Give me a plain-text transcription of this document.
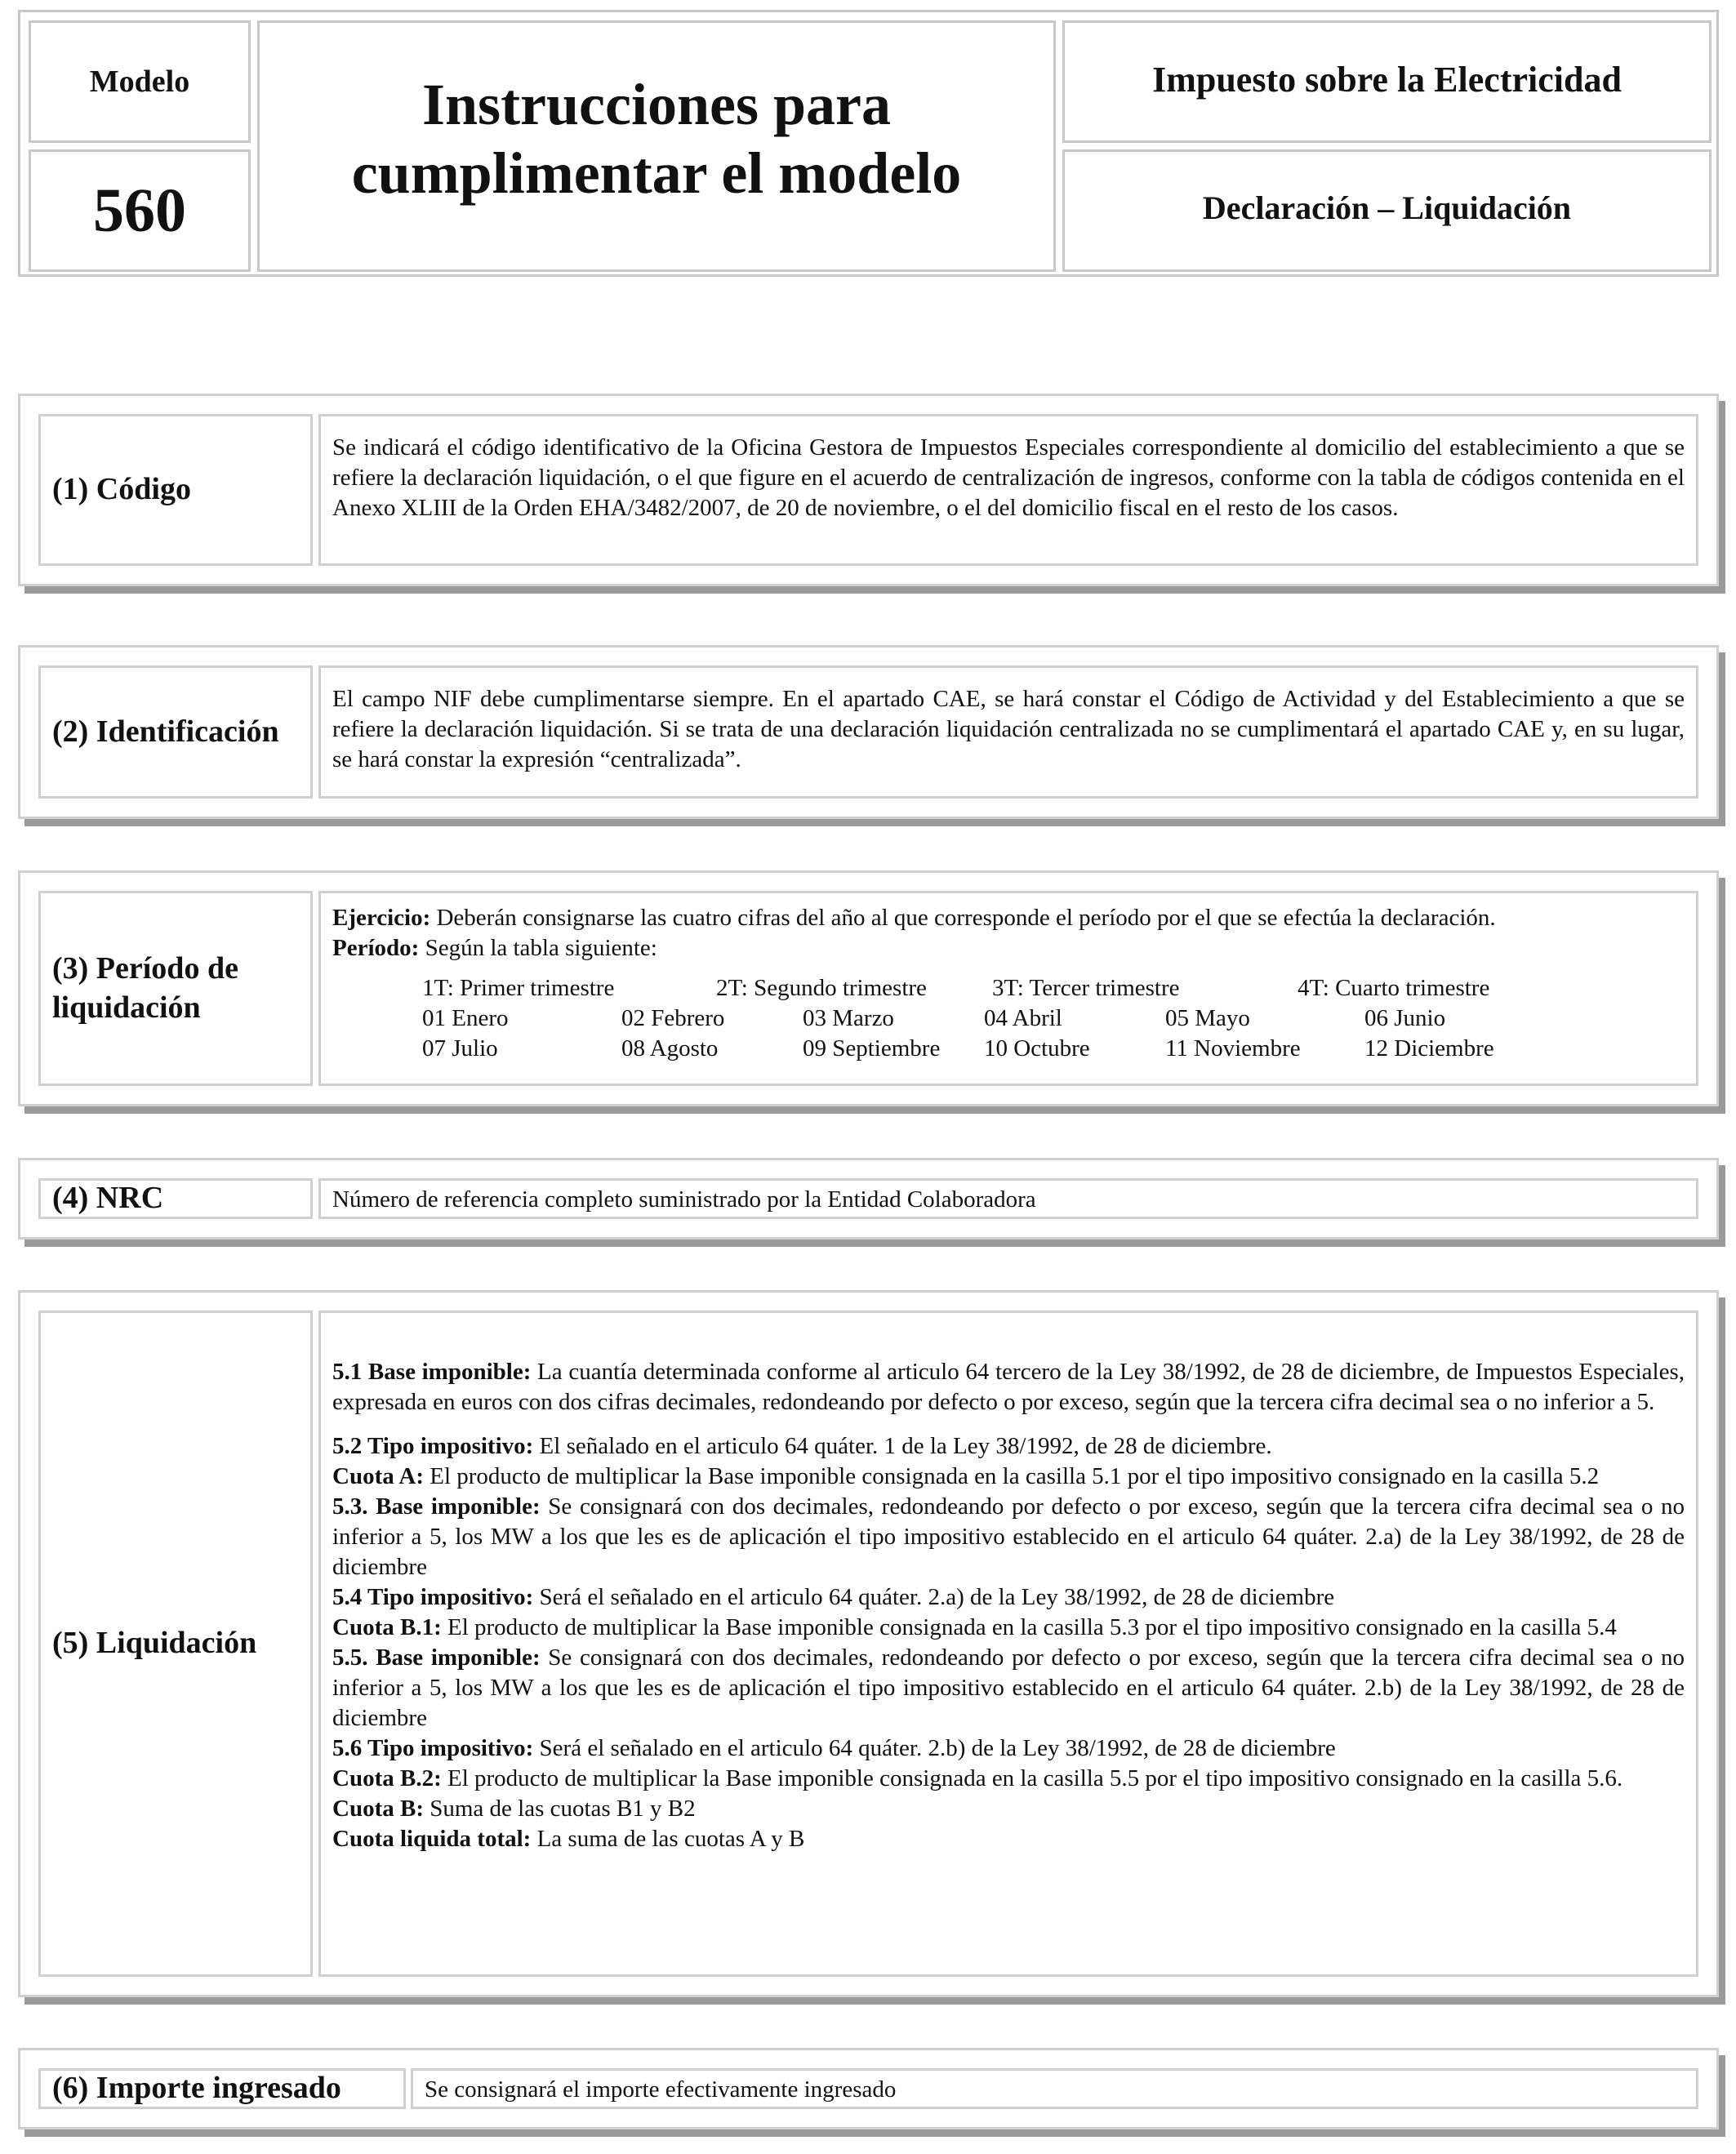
Modelo
560
Instrucciones para
cumplimentar el modelo
Impuesto sobre la Electricidad
Declaración – Liquidación
(1) Código
Se indicará el código identificativo de la Oficina Gestora de Impuestos Especiales correspondiente al domicilio del establecimiento a que se refiere la declaración liquidación, o el que figure en el acuerdo de centralización de ingresos, conforme con la tabla de códigos contenida en el Anexo XLIII de la Orden EHA/3482/2007, de 20 de noviembre, o el del domicilio fiscal en el resto de los casos.
(2) Identificación
El campo NIF debe cumplimentarse siempre. En el apartado CAE, se hará constar el Código de Actividad y del Establecimiento a que se refiere la declaración liquidación. Si se trata de una declaración liquidación centralizada no se cumplimentará el apartado CAE y, en su lugar, se hará constar la expresión “centralizada”.
(3) Período de
liquidación

Ejercicio: Deberán consignarse las cuatro cifras del año al que corresponde el período por el que se efectúa la declaración.

Período: Según la tabla siguiente:

1T: Primer trimestre	2T: Segundo trimestre	3T: Tercer trimestre	4T: Cuarto trimestre
01 Enero	02 Febrero	03 Marzo	04 Abril	05 Mayo	06 Junio
07 Julio	08 Agosto	09 Septiembre	10 Octubre	11 Noviembre	12 Diciembre
(4) NRC	Número de referencia completo suministrado por la Entidad Colaboradora
(5) Liquidación

5.1 Base imponible: La cuantía determinada conforme al articulo 64 tercero de la Ley 38/1992, de 28 de diciembre, de Impuestos Especiales, expresada en euros con dos cifras decimales, redondeando por defecto o por exceso, según que la tercera cifra decimal sea o no inferior a 5.

5.2 Tipo impositivo: El señalado en el articulo 64 quáter. 1 de la Ley 38/1992, de 28 de diciembre.

Cuota A: El producto de multiplicar la Base imponible consignada en la casilla 5.1 por el tipo impositivo consignado en la casilla 5.2

5.3. Base imponible: Se consignará con dos decimales, redondeando por defecto o por exceso, según que la tercera cifra decimal sea o no inferior a 5, los MW a los que les es de aplicación el tipo impositivo establecido en el articulo 64 quáter. 2.a) de la Ley 38/1992, de 28 de diciembre

5.4 Tipo impositivo: Será el señalado en el articulo 64 quáter. 2.a) de la Ley 38/1992, de 28 de diciembre

Cuota B.1: El producto de multiplicar la Base imponible consignada en la casilla 5.3 por el tipo impositivo consignado en la casilla 5.4

5.5. Base imponible: Se consignará con dos decimales, redondeando por defecto o por exceso, según que la tercera cifra decimal sea o no inferior a 5, los MW a los que les es de aplicación el tipo impositivo establecido en el articulo 64 quáter. 2.b) de la Ley 38/1992, de 28 de diciembre

5.6 Tipo impositivo: Será el señalado en el articulo 64 quáter. 2.b) de la Ley 38/1992, de 28 de diciembre

Cuota B.2: El producto de multiplicar la Base imponible consignada en la casilla 5.5 por el tipo impositivo consignado en la casilla 5.6.

Cuota B: Suma de las cuotas B1 y B2

Cuota liquida total: La suma de las cuotas A y B

(6) Importe ingresado	Se consignará el importe efectivamente ingresado
